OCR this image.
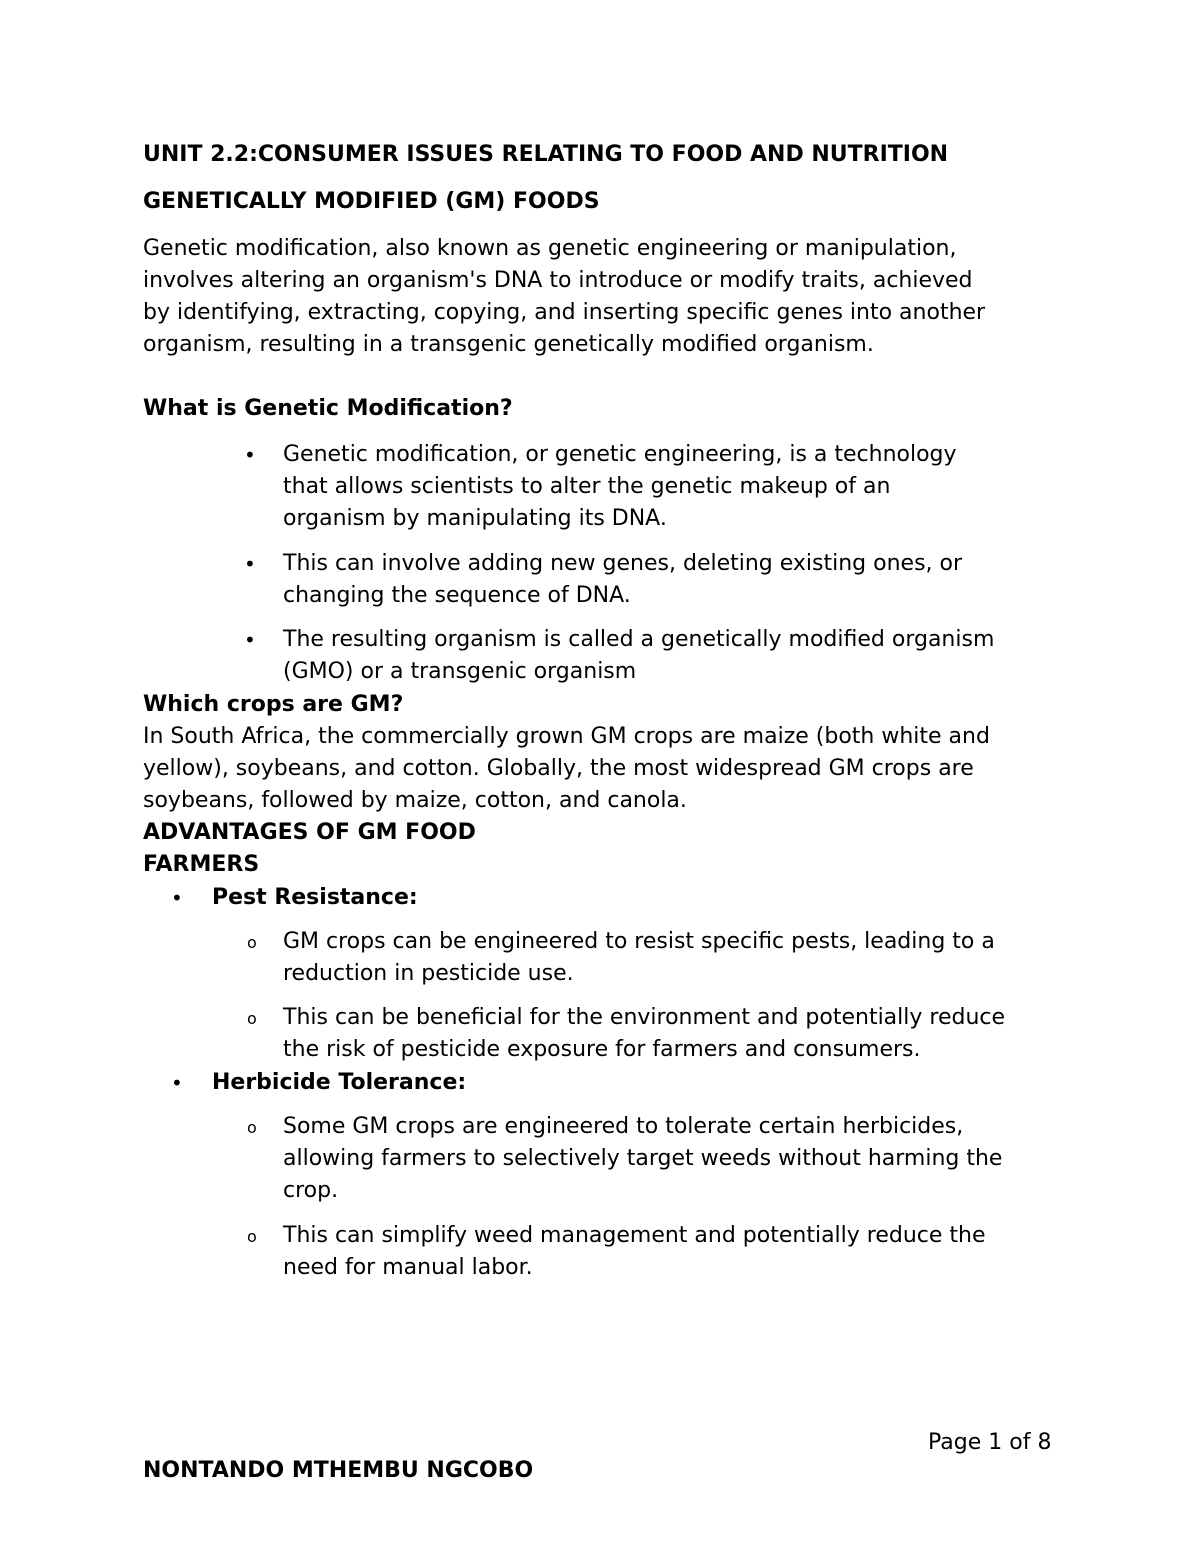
UNIT 2.2:CONSUMER ISSUES RELATING TO FOOD AND NUTRITION
GENETICALLY MODIFIED (GM) FOODS
Genetic modification, also known as genetic engineering or manipulation,
involves altering an organism's DNA to introduce or modify traits, achieved
by identifying, extracting, copying, and inserting specific genes into another
organism, resulting in a transgenic genetically modified organism.
What is Genetic Modification?
• Genetic modification, or genetic engineering, is a technology
that allows scientists to alter the genetic makeup of an
organism by manipulating its DNA.
• This can involve adding new genes, deleting existing ones, or
changing the sequence of DNA.
• The resulting organism is called a genetically modified organism
(GMO) or a transgenic organism
Which crops are GM?
In South Africa, the commercially grown GM crops are maize (both white and
yellow), soybeans, and cotton. Globally, the most widespread GM crops are
soybeans, followed by maize, cotton, and canola.
ADVANTAGES OF GM FOOD
FARMERS
• Pest Resistance:
o GM crops can be engineered to resist specific pests, leading to a
reduction in pesticide use.
o This can be beneficial for the environment and potentially reduce
the risk of pesticide exposure for farmers and consumers.
• Herbicide Tolerance:
o Some GM crops are engineered to tolerate certain herbicides,
allowing farmers to selectively target weeds without harming the
crop.
o This can simplify weed management and potentially reduce the
need for manual labor.
Page 1 of 8
NONTANDO MTHEMBU NGCOBO
